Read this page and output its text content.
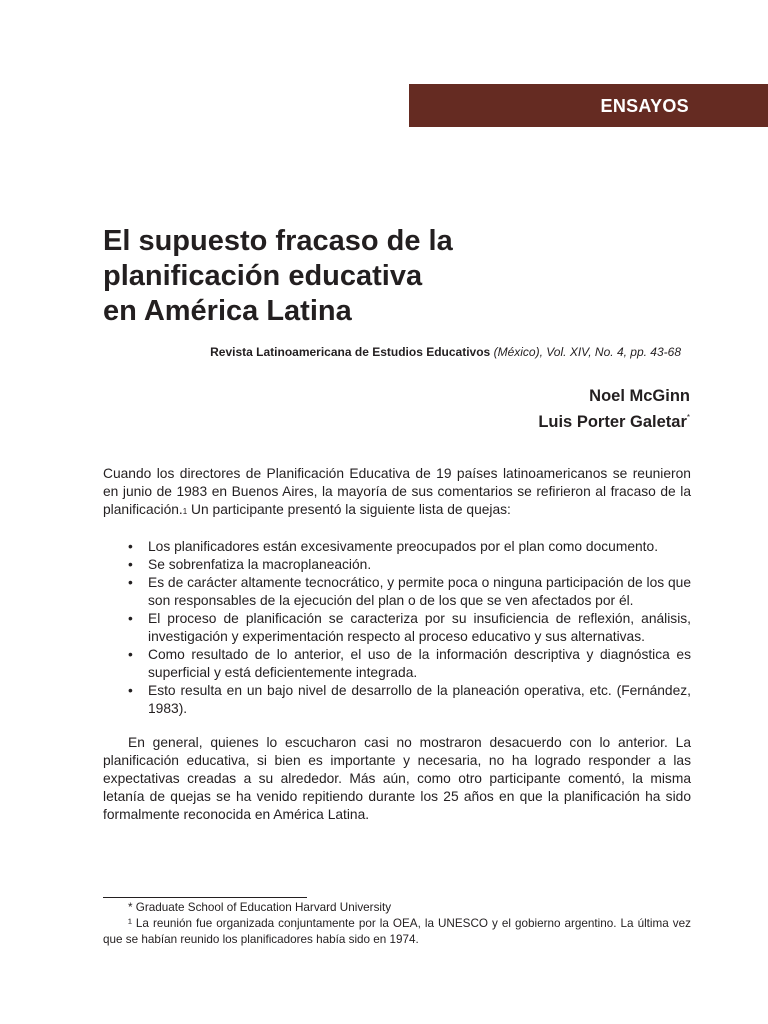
ENSAYOS
El supuesto fracaso de la
planificación educativa
en América Latina
Revista Latinoamericana de Estudios Educativos (México), Vol. XIV, No. 4, pp. 43-68
Noel McGinn
Luis Porter Galetar*

Cuando los directores de Planificación Educativa de 19 países latinoamericanos se reunieron en junio de 1983 en Buenos Aires, la mayoría de sus comentarios se refirieron al fracaso de la planificación.1 Un participante presentó la siguiente lista de quejas:

• Los planificadores están excesivamente preocupados por el plan como documento.
• Se sobrenfatiza la macroplaneación.
• Es de carácter altamente tecnocrático, y permite poca o ninguna participación de los que son responsables de la ejecución del plan o de los que se ven afectados por él.
• El proceso de planificación se caracteriza por su insuficiencia de reflexión, análisis, investigación y experimentación respecto al proceso educativo y sus alternativas.
• Como resultado de lo anterior, el uso de la información descriptiva y diagnóstica es superficial y está deficientemente integrada.
• Esto resulta en un bajo nivel de desarrollo de la planeación operativa, etc. (Fernández, 1983).

En general, quienes lo escucharon casi no mostraron desacuerdo con lo anterior. La planificación educativa, si bien es importante y necesaria, no ha logrado responder a las expectativas creadas a su alrededor. Más aún, como otro participante comentó, la misma letanía de quejas se ha venido repitiendo durante los 25 años en que la planificación ha sido formalmente reconocida en América Latina.

* Graduate School of Education Harvard University

¹ La reunión fue organizada conjuntamente por la OEA, la UNESCO y el gobierno argentino. La última vez que se habían reunido los planificadores había sido en 1974.
